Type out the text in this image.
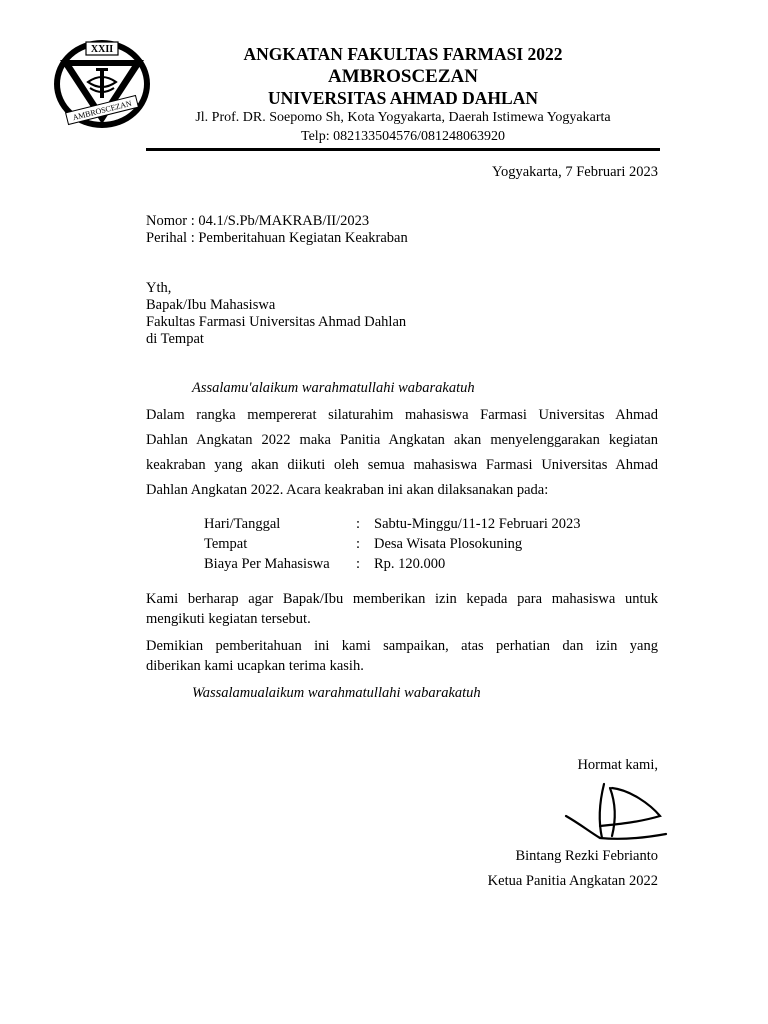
XXII
AMBROSCEZAN
ANGKATAN FAKULTAS FARMASI 2022
AMBROSCEZAN
UNIVERSITAS AHMAD DAHLAN
Jl. Prof. DR. Soepomo Sh, Kota Yogyakarta, Daerah Istimewa Yogyakarta
Telp: 082133504576/081248063920
Yogyakarta, 7 Februari 2023
Nomor : 04.1/S.Pb/MAKRAB/II/2023
Perihal : Pemberitahuan Kegiatan Keakraban
Yth,
Bapak/Ibu Mahasiswa
Fakultas Farmasi Universitas Ahmad Dahlan
di Tempat
Assalamu'alaikum warahmatullahi wabarakatuh
Dalam rangka mempererat silaturahim mahasiswa Farmasi Universitas Ahmad
Dahlan Angkatan 2022 maka Panitia Angkatan akan menyelenggarakan kegiatan
keakraban yang akan diikuti oleh semua mahasiswa Farmasi Universitas Ahmad
Dahlan Angkatan 2022. Acara keakraban ini akan dilaksanakan pada:
Hari/Tanggal	: Sabtu-Minggu/11-12 Februari 2023
Tempat	: Desa Wisata Plosokuning
Biaya Per Mahasiswa : Rp. 120.000
Kami berharap agar Bapak/Ibu memberikan izin kepada para mahasiswa untuk
mengikuti kegiatan tersebut.
Demikian pemberitahuan ini kami sampaikan, atas perhatian dan izin yang
diberikan kami ucapkan terima kasih.
Wassalamualaikum warahmatullahi wabarakatuh
Hormat kami,
Bintang Rezki Febrianto
Ketua Panitia Angkatan 2022
